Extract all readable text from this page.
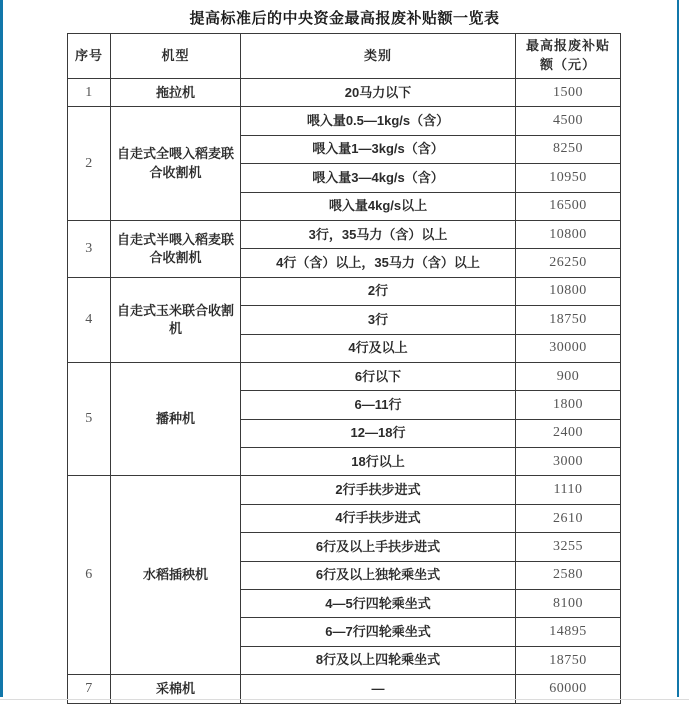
提高标准后的中央资金最高报废补贴额一览表
序号	机型	类别	最高报废补贴
额（元）

1	拖拉机	20马力以下	1500
2	自走式全喂入稻麦联合收割机	喂入量0.5—1kg/s（含）	4500
		喂入量1—3kg/s（含）	8250
		喂入量3—4kg/s（含）	10950
		喂入量4kg/s以上	16500
3	自走式半喂入稻麦联合收割机	3行，35马力（含）以上	10800
		4行（含）以上，35马力（含）以上	26250
4	自走式玉米联合收割机	2行	10800
		3行	18750
		4行及以上	30000
5	播种机	6行以下	900
		6—11行	1800
		12—18行	2400
		18行以上	3000
6	水稻插秧机	2行手扶步进式	1110
		4行手扶步进式	2610
		6行及以上手扶步进式	3255
		6行及以上独轮乘坐式	2580
		4—5行四轮乘坐式	8100
		6—7行四轮乘坐式	14895
		8行及以上四轮乘坐式	18750
7	采棉机	—	60000
